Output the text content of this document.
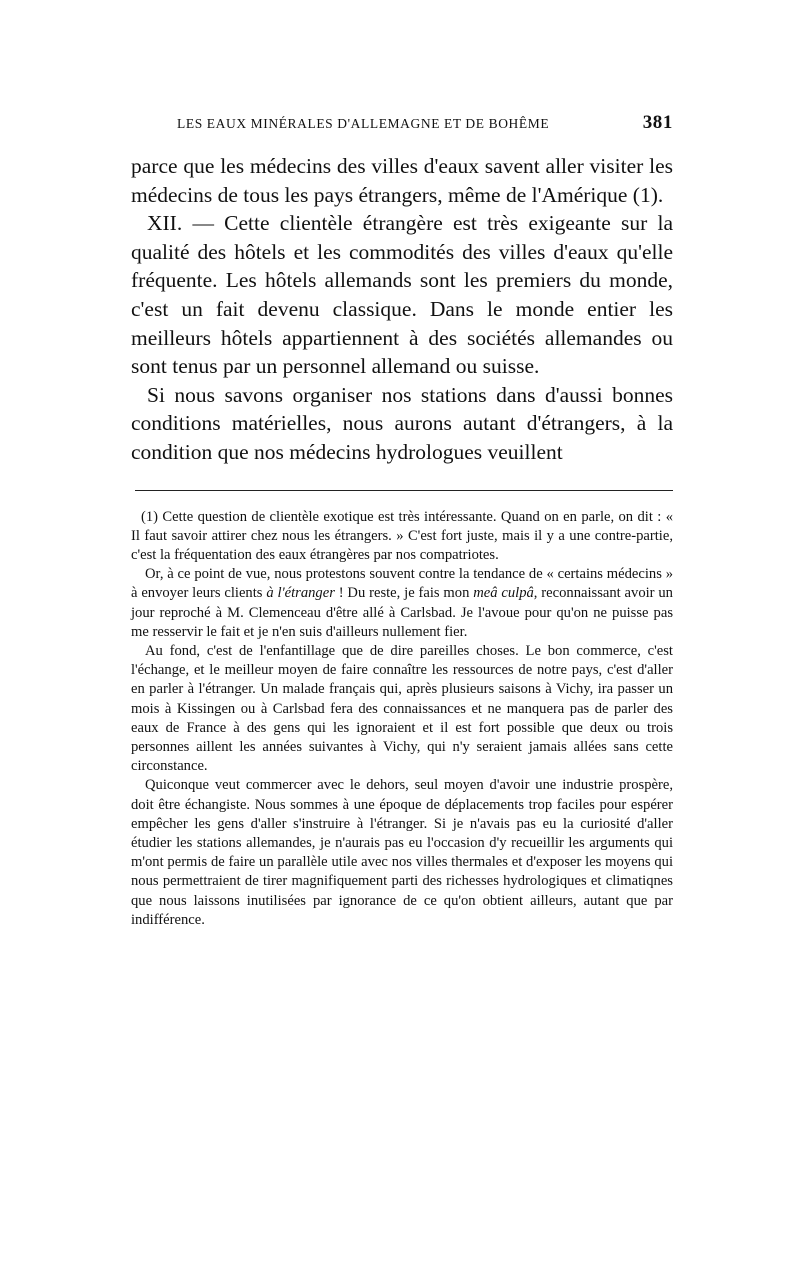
LES EAUX MINÉRALES D'ALLEMAGNE ET DE BOHÊME	381

parce que les médecins des villes d'eaux savent aller visiter les médecins de tous les pays étrangers, même de l'Amérique (1).

XII. — Cette clientèle étrangère est très exigeante sur la qualité des hôtels et les commodités des villes d'eaux qu'elle fréquente. Les hôtels allemands sont les premiers du monde, c'est un fait devenu classique. Dans le monde entier les meilleurs hôtels appartiennent à des sociétés allemandes ou sont tenus par un personnel allemand ou suisse.

Si nous savons organiser nos stations dans d'aussi bonnes conditions matérielles, nous aurons autant d'étrangers, à la condition que nos médecins hydrologues veuillent

(1) Cette question de clientèle exotique est très intéressante. Quand on en parle, on dit : « Il faut savoir attirer chez nous les étrangers. » C'est fort juste, mais il y a une contre-partie, c'est la fréquentation des eaux étrangères par nos compatriotes.

Or, à ce point de vue, nous protestons souvent contre la tendance de « certains médecins » à envoyer leurs clients à l'étranger ! Du reste, je fais mon meâ culpâ, reconnaissant avoir un jour reproché à M. Clemenceau d'être allé à Carlsbad. Je l'avoue pour qu'on ne puisse pas me resservir le fait et je n'en suis d'ailleurs nullement fier.

Au fond, c'est de l'enfantillage que de dire pareilles choses. Le bon commerce, c'est l'échange, et le meilleur moyen de faire connaître les ressources de notre pays, c'est d'aller en parler à l'étranger. Un malade français qui, après plusieurs saisons à Vichy, ira passer un mois à Kissingen ou à Carlsbad fera des connaissances et ne manquera pas de parler des eaux de France à des gens qui les ignoraient et il est fort possible que deux ou trois personnes aillent les années suivantes à Vichy, qui n'y seraient jamais allées sans cette circonstance.

Quiconque veut commercer avec le dehors, seul moyen d'avoir une industrie prospère, doit être échangiste. Nous sommes à une époque de déplacements trop faciles pour espérer empêcher les gens d'aller s'instruire à l'étranger. Si je n'avais pas eu la curiosité d'aller étudier les stations allemandes, je n'aurais pas eu l'occasion d'y recueillir les arguments qui m'ont permis de faire un parallèle utile avec nos villes thermales et d'exposer les moyens qui nous permettraient de tirer magnifiquement parti des richesses hydrologiques et climatiqnes que nous laissons inutilisées par ignorance de ce qu'on obtient ailleurs, autant que par indifférence.
